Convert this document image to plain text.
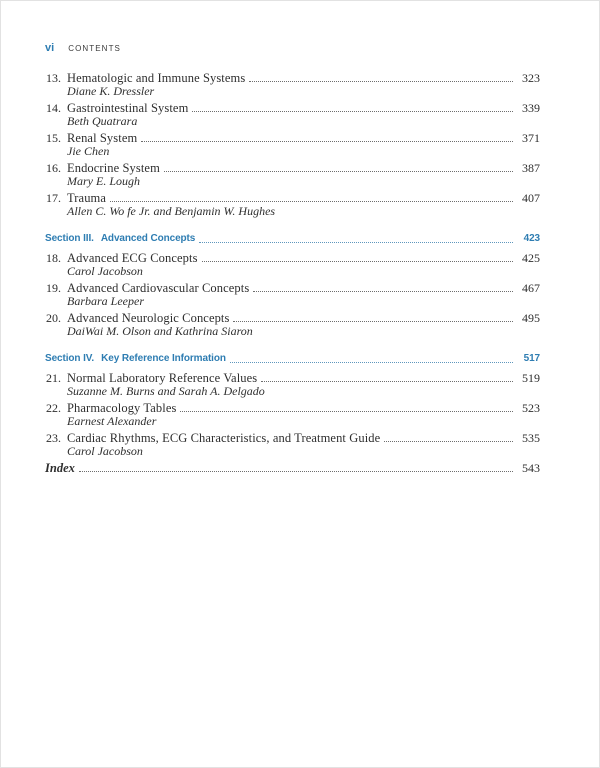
vi CONTENTS
13. Hematologic and Immune Systems	323
Diane K. Dressler
14. Gastrointestinal System	339
Beth Quatrara
15. Renal System	371
Jie Chen
16. Endocrine System	387
Mary E. Lough
17. Trauma	407
Allen C. Wo fe Jr. and Benjamin W. Hughes
Section III. Advanced Concepts	423
18. Advanced ECG Concepts	425
Carol Jacobson
19. Advanced Cardiovascular Concepts	467
Barbara Leeper
20. Advanced Neurologic Concepts	495
DaiWai M. Olson and Kathrina Siaron
Section IV. Key Reference Information	517
21. Normal Laboratory Reference Values	519
Suzanne M. Burns and Sarah A. Delgado
22. Pharmacology Tables	523
Earnest Alexander
23. Cardiac Rhythms, ECG Characteristics, and Treatment Guide	535
Carol Jacobson
Index	543
